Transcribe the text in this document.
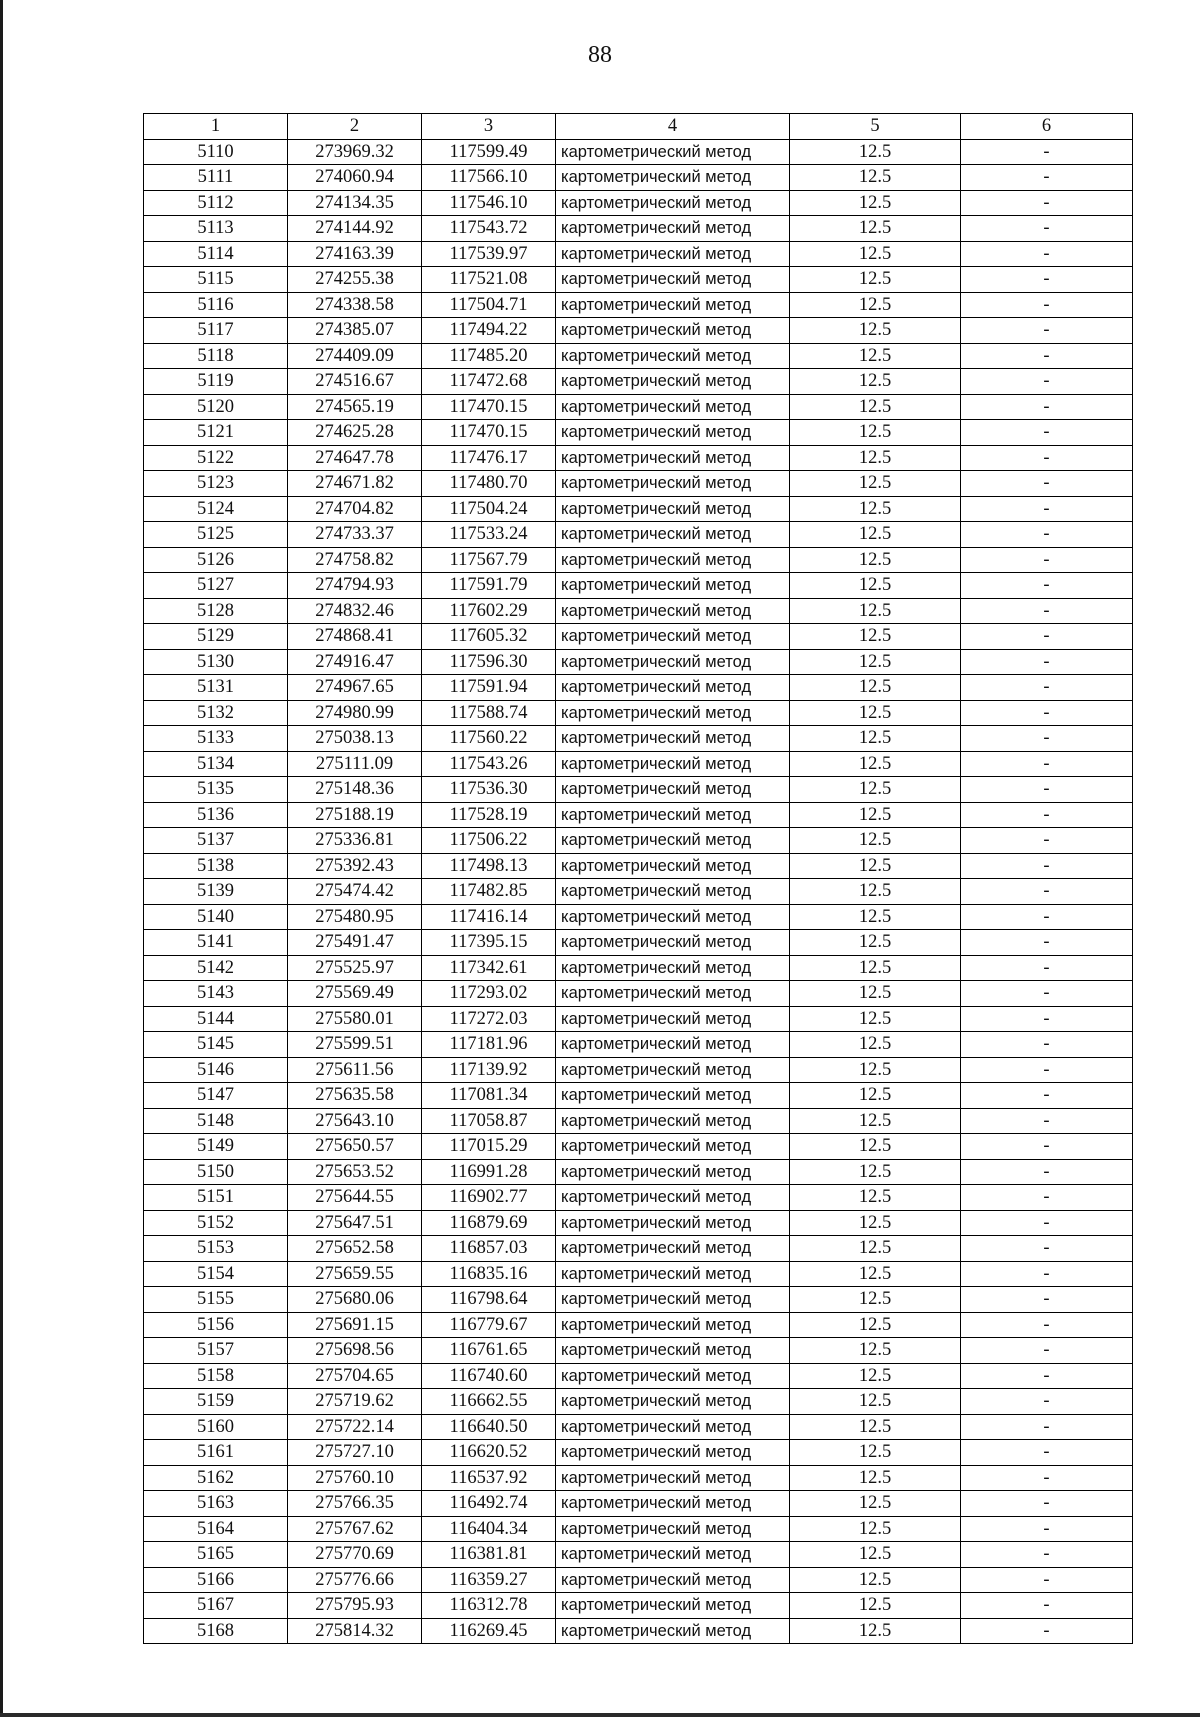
88
1	2	3	4	5	6
5110	273969.32	117599.49	картометрический метод	12.5	-
5111	274060.94	117566.10	картометрический метод	12.5	-
5112	274134.35	117546.10	картометрический метод	12.5	-
5113	274144.92	117543.72	картометрический метод	12.5	-
5114	274163.39	117539.97	картометрический метод	12.5	-
5115	274255.38	117521.08	картометрический метод	12.5	-
5116	274338.58	117504.71	картометрический метод	12.5	-
5117	274385.07	117494.22	картометрический метод	12.5	-
5118	274409.09	117485.20	картометрический метод	12.5	-
5119	274516.67	117472.68	картометрический метод	12.5	-
5120	274565.19	117470.15	картометрический метод	12.5	-
5121	274625.28	117470.15	картометрический метод	12.5	-
5122	274647.78	117476.17	картометрический метод	12.5	-
5123	274671.82	117480.70	картометрический метод	12.5	-
5124	274704.82	117504.24	картометрический метод	12.5	-
5125	274733.37	117533.24	картометрический метод	12.5	-
5126	274758.82	117567.79	картометрический метод	12.5	-
5127	274794.93	117591.79	картометрический метод	12.5	-
5128	274832.46	117602.29	картометрический метод	12.5	-
5129	274868.41	117605.32	картометрический метод	12.5	-
5130	274916.47	117596.30	картометрический метод	12.5	-
5131	274967.65	117591.94	картометрический метод	12.5	-
5132	274980.99	117588.74	картометрический метод	12.5	-
5133	275038.13	117560.22	картометрический метод	12.5	-
5134	275111.09	117543.26	картометрический метод	12.5	-
5135	275148.36	117536.30	картометрический метод	12.5	-
5136	275188.19	117528.19	картометрический метод	12.5	-
5137	275336.81	117506.22	картометрический метод	12.5	-
5138	275392.43	117498.13	картометрический метод	12.5	-
5139	275474.42	117482.85	картометрический метод	12.5	-
5140	275480.95	117416.14	картометрический метод	12.5	-
5141	275491.47	117395.15	картометрический метод	12.5	-
5142	275525.97	117342.61	картометрический метод	12.5	-
5143	275569.49	117293.02	картометрический метод	12.5	-
5144	275580.01	117272.03	картометрический метод	12.5	-
5145	275599.51	117181.96	картометрический метод	12.5	-
5146	275611.56	117139.92	картометрический метод	12.5	-
5147	275635.58	117081.34	картометрический метод	12.5	-
5148	275643.10	117058.87	картометрический метод	12.5	-
5149	275650.57	117015.29	картометрический метод	12.5	-
5150	275653.52	116991.28	картометрический метод	12.5	-
5151	275644.55	116902.77	картометрический метод	12.5	-
5152	275647.51	116879.69	картометрический метод	12.5	-
5153	275652.58	116857.03	картометрический метод	12.5	-
5154	275659.55	116835.16	картометрический метод	12.5	-
5155	275680.06	116798.64	картометрический метод	12.5	-
5156	275691.15	116779.67	картометрический метод	12.5	-
5157	275698.56	116761.65	картометрический метод	12.5	-
5158	275704.65	116740.60	картометрический метод	12.5	-
5159	275719.62	116662.55	картометрический метод	12.5	-
5160	275722.14	116640.50	картометрический метод	12.5	-
5161	275727.10	116620.52	картометрический метод	12.5	-
5162	275760.10	116537.92	картометрический метод	12.5	-
5163	275766.35	116492.74	картометрический метод	12.5	-
5164	275767.62	116404.34	картометрический метод	12.5	-
5165	275770.69	116381.81	картометрический метод	12.5	-
5166	275776.66	116359.27	картометрический метод	12.5	-
5167	275795.93	116312.78	картометрический метод	12.5	-
5168	275814.32	116269.45	картометрический метод	12.5	-
